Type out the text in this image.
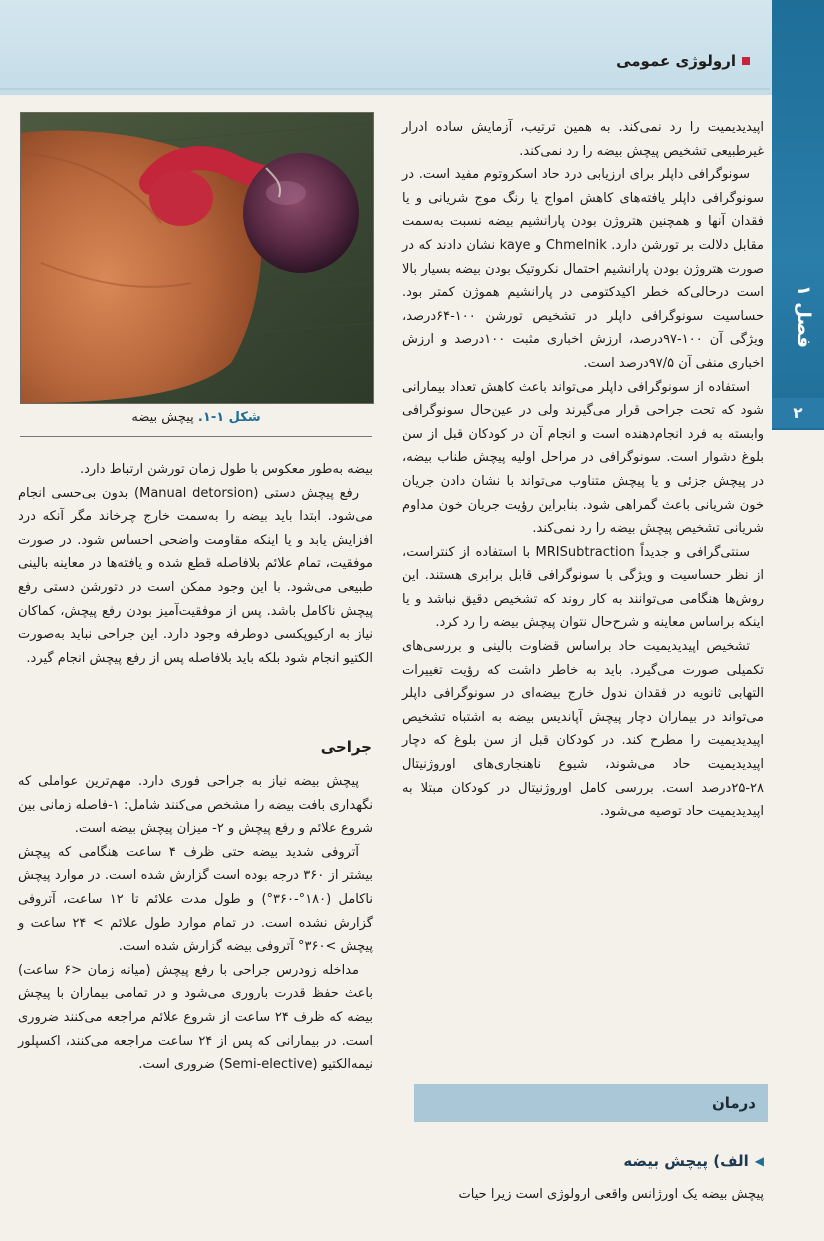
ارولوژی عمومی
فصل ۱
۲
شکل ۱-۱. پیچش بیضه

اپیدیدیمیت را رد نمی‌کند. به همین ترتیب، آزمایش ساده ادرار غیرطبیعی تشخیص پیچش بیضه را رد نمی‌کند.

سونوگرافی داپلر برای ارزیابی درد حاد اسکروتوم مفید است. در سونوگرافی داپلر یافته‌های کاهش امواج یا رنگ موج شریانی و یا فقدان آنها و همچنین هتروژن بودن پارانشیم بیضه نسبت به‌سمت مقابل دلالت بر تورشن دارد. Chmelnik و kaye نشان دادند که در صورت هتروژن بودن پارانشیم احتمال نکروتیک بودن بیضه بسیار بالا است درحالی‌که خطر اکیدکتومی در پارانشیم هموژن کمتر بود. حساسیت سونوگرافی داپلر در تشخیص تورشن ۱۰۰-۶۴درصد، ویژگی آن ۱۰۰-۹۷درصد، ارزش اخباری مثبت ۱۰۰درصد و ارزش اخباری منفی آن ۹۷/۵درصد است.

استفاده از سونوگرافی داپلر می‌تواند باعث کاهش تعداد بیمارانی شود که تحت جراحی قرار می‌گیرند ولی در عین‌حال سونوگرافی وابسته به فرد انجام‌دهنده است و انجام آن در کودکان قبل از سن بلوغ دشوار است. سونوگرافی در مراحل اولیه پیچش طناب بیضه، در پیچش جزئی و یا پیچش متناوب می‌تواند با نشان دادن جریان خون شریانی باعث گمراهی شود. بنابراین رؤیت جریان خون مداوم شریانی تشخیص پیچش بیضه را رد نمی‌کند.

سنتی‌گرافی و جدیداً MRISubtraction با استفاده از کنتراست، از نظر حساسیت و ویژگی با سونوگرافی قابل برابری هستند. این روش‌ها هنگامی می‌توانند به کار روند که تشخیص دقیق نباشد و یا اینکه براساس معاینه و شرح‌حال نتوان پیچش بیضه را رد کرد.

تشخیص اپیدیدیمیت حاد براساس قضاوت بالینی و بررسی‌های تکمیلی صورت می‌گیرد. باید به خاطر داشت که رؤیت تغییرات التهابی ثانویه در فقدان ندول خارج بیضه‌ای در سونوگرافی داپلر می‌تواند در بیماران دچار پیچش آپاندیس بیضه به اشتباه تشخیص اپیدیدیمیت را مطرح کند. در کودکان قبل از سن بلوغ که دچار اپیدیدیمیت حاد می‌شوند، شیوع ناهنجاری‌های اوروژنیتال ۲۸-۲۵درصد است. بررسی کامل اوروژنیتال در کودکان مبتلا به اپیدیدیمیت حاد توصیه می‌شود.

بیضه به‌طور معکوس با طول زمان تورشن ارتباط دارد.

رفع پیچش دستی (Manual detorsion) بدون بی‌حسی انجام می‌شود. ابتدا باید بیضه را به‌سمت خارج چرخاند مگر آنکه درد افزایش یابد و یا اینکه مقاومت واضحی احساس شود. در صورت موفقیت، تمام علائم بلافاصله قطع شده و یافته‌ها در معاینه بالینی طبیعی می‌شود. با این وجود ممکن است در دتورشن دستی رفع پیچش ناکامل باشد. پس از موفقیت‌آمیز بودن رفع پیچش، کماکان نیاز به ارکیوپکسی دوطرفه وجود دارد. این جراحی نباید به‌صورت الکتیو انجام شود بلکه باید بلافاصله پس از رفع پیچش انجام گیرد.

جراحی

پیچش بیضه نیاز به جراحی فوری دارد. مهم‌ترین عواملی که نگهداری بافت بیضه را مشخص می‌کنند شامل: ۱-فاصله زمانی بین شروع علائم و رفع پیچش و ۲- میزان پیچش بیضه است.

آتروفی شدید بیضه حتی ظرف ۴ ساعت هنگامی که پیچش بیشتر از ۳۶۰ درجه بوده است گزارش شده است. در موارد پیچش ناکامل (۱۸۰°-۳۶۰°) و طول مدت علائم تا ۱۲ ساعت، آتروفی گزارش نشده است. در تمام موارد طول علائم > ۲۴ ساعت و پیچش >۳۶۰° آتروفی بیضه گزارش شده است.

مداخله زودرس جراحی با رفع پیچش (میانه زمان <۶ ساعت) باعث حفظ قدرت باروری می‌شود و در تمامی بیماران با پیچش بیضه که ظرف ۲۴ ساعت از شروع علائم مراجعه می‌کنند ضروری است. در بیمارانی که پس از ۲۴ ساعت مراجعه می‌کنند، اکسپلور نیمه‌الکتیو (Semi-elective) ضروری است.

درمان
◀
الف) پیچش بیضه
پیچش بیضه یک اورژانس واقعی ارولوژی است زیرا حیات
